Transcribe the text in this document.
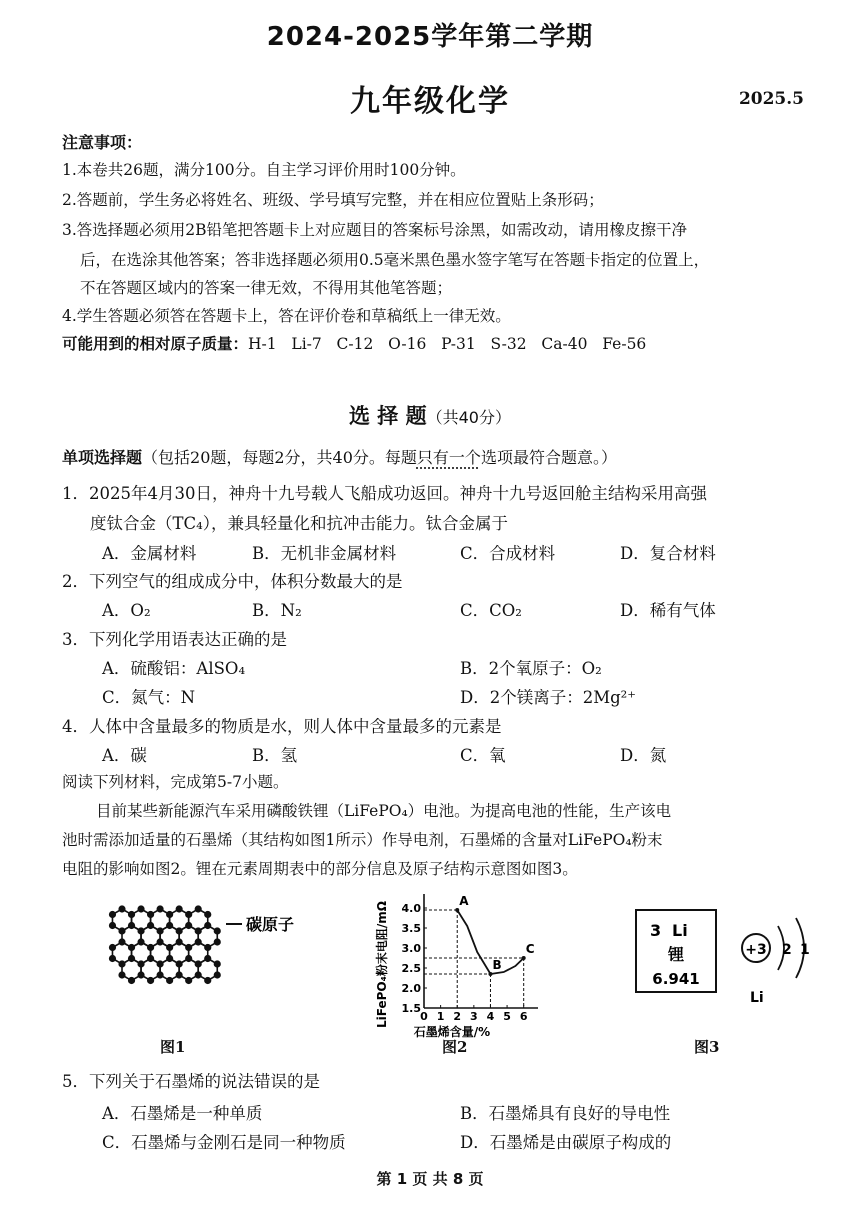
2024-2025学年第二学期
九年级化学	2025.5
注意事项：
1.本卷共26题，满分100分。自主学习评价用时100分钟。
2.答题前，学生务必将姓名、班级、学号填写完整，并在相应位置贴上条形码；
3.答选择题必须用2B铅笔把答题卡上对应题目的答案标号涂黑，如需改动，请用橡皮擦干净
后，在选涂其他答案；答非选择题必须用0.5毫米黑色墨水签字笔写在答题卡指定的位置上，
不在答题区域内的答案一律无效，不得用其他笔答题；
4.学生答题必须答在答题卡上，答在评价卷和草稿纸上一律无效。
可能用到的相对原子质量：H-1   Li-7   C-12   O-16   P-31   S-32   Ca-40   Fe-56
选 择 题（共40分）
单项选择题（包括20题，每题2分，共40分。每题只有一个选项最符合题意。）
1．2025年4月30日，神舟十九号载人飞船成功返回。神舟十九号返回舱主结构采用高强
度钛合金（TC₄），兼具轻量化和抗冲击能力。钛合金属于
A．金属材料	B．无机非金属材料	C．合成材料	D．复合材料
2．下列空气的组成成分中，体积分数最大的是
A．O₂	B．N₂	C．CO₂	D．稀有气体
3．下列化学用语表达正确的是
A．硫酸铝：AlSO₄	B．2个氧原子：O₂
C．氮气：N	D．2个镁离子：2Mg²⁺
4．人体中含量最多的物质是水，则人体中含量最多的元素是
A．碳	B．氢	C．氧	D．氮
阅读下列材料，完成第5-7小题。
目前某些新能源汽车采用磷酸铁锂（LiFePO₄）电池。为提高电池的性能，生产该电
池时需添加适量的石墨烯（其结构如图1所示）作导电剂，石墨烯的含量对LiFePO₄粉末
电阻的影响如图2。锂在元素周期表中的部分信息及原子结构示意图如图3。
碳原子
图1
LiFePO₄粉末电阻/mΩ	0 1 2 3 4 5 6
1.5
2.0
2.5
3.0
3.5
4.0
A
B
C
石墨烯含量/%
图2
3 Li
锂
6.941
+3 2 1
Li
图3
5．下列关于石墨烯的说法错误的是
A．石墨烯是一种单质	B．石墨烯具有良好的导电性
C．石墨烯与金刚石是同一种物质	D．石墨烯是由碳原子构成的
第 1 页 共 8 页
